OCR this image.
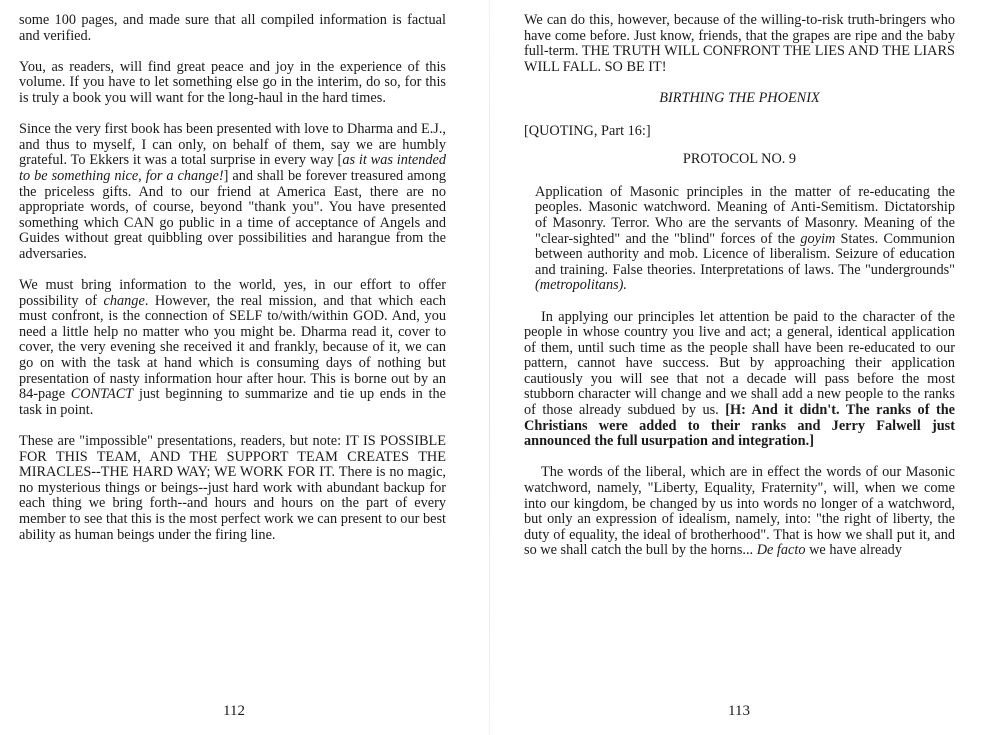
some 100 pages, and made sure that all compiled information is factual and verified.

You, as readers, will find great peace and joy in the experience of this volume. If you have to let something else go in the interim, do so, for this is truly a book you will want for the long-haul in the hard times.

Since the very first book has been presented with love to Dharma and E.J., and thus to myself, I can only, on behalf of them, say we are humbly grateful. To Ekkers it was a total surprise in every way [as it was intended to be something nice, for a change!] and shall be forever treasured among the priceless gifts. And to our friend at America East, there are no appropriate words, of course, beyond "thank you". You have presented something which CAN go public in a time of acceptance of Angels and Guides without great quibbling over possibilities and harangue from the adversaries.

We must bring information to the world, yes, in our effort to offer possibility of change. However, the real mission, and that which each must confront, is the connection of SELF to/with/within GOD. And, you need a little help no matter who you might be. Dharma read it, cover to cover, the very evening she received it and frankly, because of it, we can go on with the task at hand which is consuming days of nothing but presentation of nasty information hour after hour. This is borne out by an 84-page CONTACT just beginning to summarize and tie up ends in the task in point.

These are "impossible" presentations, readers, but note: IT IS POSSIBLE FOR THIS TEAM, AND THE SUPPORT TEAM CREATES THE MIRACLES--THE HARD WAY; WE WORK FOR IT. There is no magic, no mysterious things or beings--just hard work with abundant backup for each thing we bring forth--and hours and hours on the part of every member to see that this is the most perfect work we can present to our best ability as human beings under the firing line.

112

We can do this, however, because of the willing-to-risk truth-bringers who have come before. Just know, friends, that the grapes are ripe and the baby full-term. THE TRUTH WILL CONFRONT THE LIES AND THE LIARS WILL FALL. SO BE IT!

BIRTHING THE PHOENIX

[QUOTING, Part 16:]

PROTOCOL NO. 9

Application of Masonic principles in the matter of re-educating the peoples. Masonic watchword. Meaning of Anti-Semitism. Dictatorship of Masonry. Terror. Who are the servants of Masonry. Meaning of the "clear-sighted" and the "blind" forces of the goyim States. Communion between authority and mob. Licence of liberalism. Seizure of education and training. False theories. Interpretations of laws. The "undergrounds" (metropolitans).

In applying our principles let attention be paid to the character of the people in whose country you live and act; a general, identical application of them, until such time as the people shall have been re-educated to our pattern, cannot have success. But by approaching their application cautiously you will see that not a decade will pass before the most stubborn character will change and we shall add a new people to the ranks of those already subdued by us. [H: And it didn't. The ranks of the Christians were added to their ranks and Jerry Falwell just announced the full usurpation and integration.]

The words of the liberal, which are in effect the words of our Masonic watchword, namely, "Liberty, Equality, Fraternity", will, when we come into our kingdom, be changed by us into words no longer of a watchword, but only an expression of idealism, namely, into: "the right of liberty, the duty of equality, the ideal of brotherhood". That is how we shall put it, and so we shall catch the bull by the horns... De facto we have already

113
